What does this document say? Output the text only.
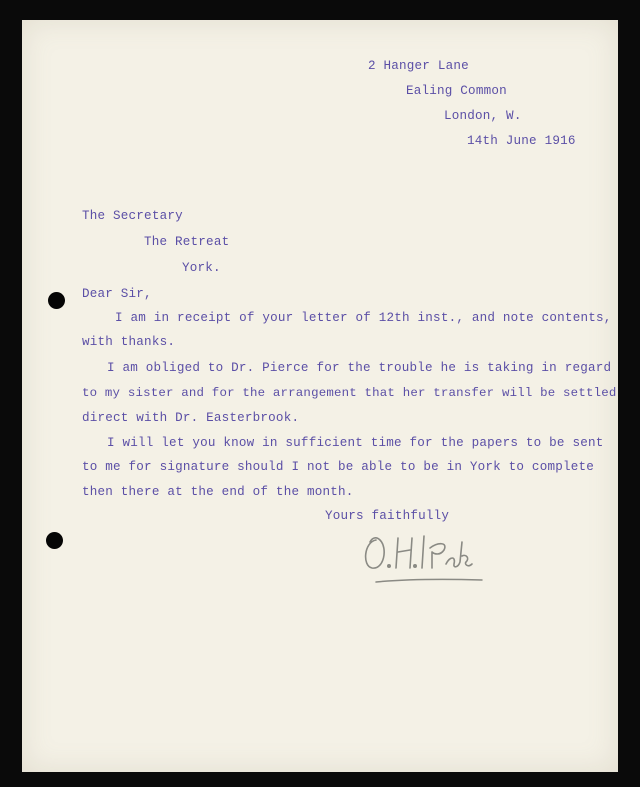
2 Hanger Lane
Ealing Common
London, W.
14th June 1916
The Secretary
The Retreat
York.
Dear Sir,
I am in receipt of your letter of 12th inst., and note contents,
with thanks.
I am obliged to Dr. Pierce for the trouble he is taking in regard
to my sister and for the arrangement that her transfer will be settled
direct with Dr. Easterbrook.
I will let you know in sufficient time for the papers to be sent
to me for signature should I not be able to be in York to complete
then there at the end of the month.
Yours faithfully
